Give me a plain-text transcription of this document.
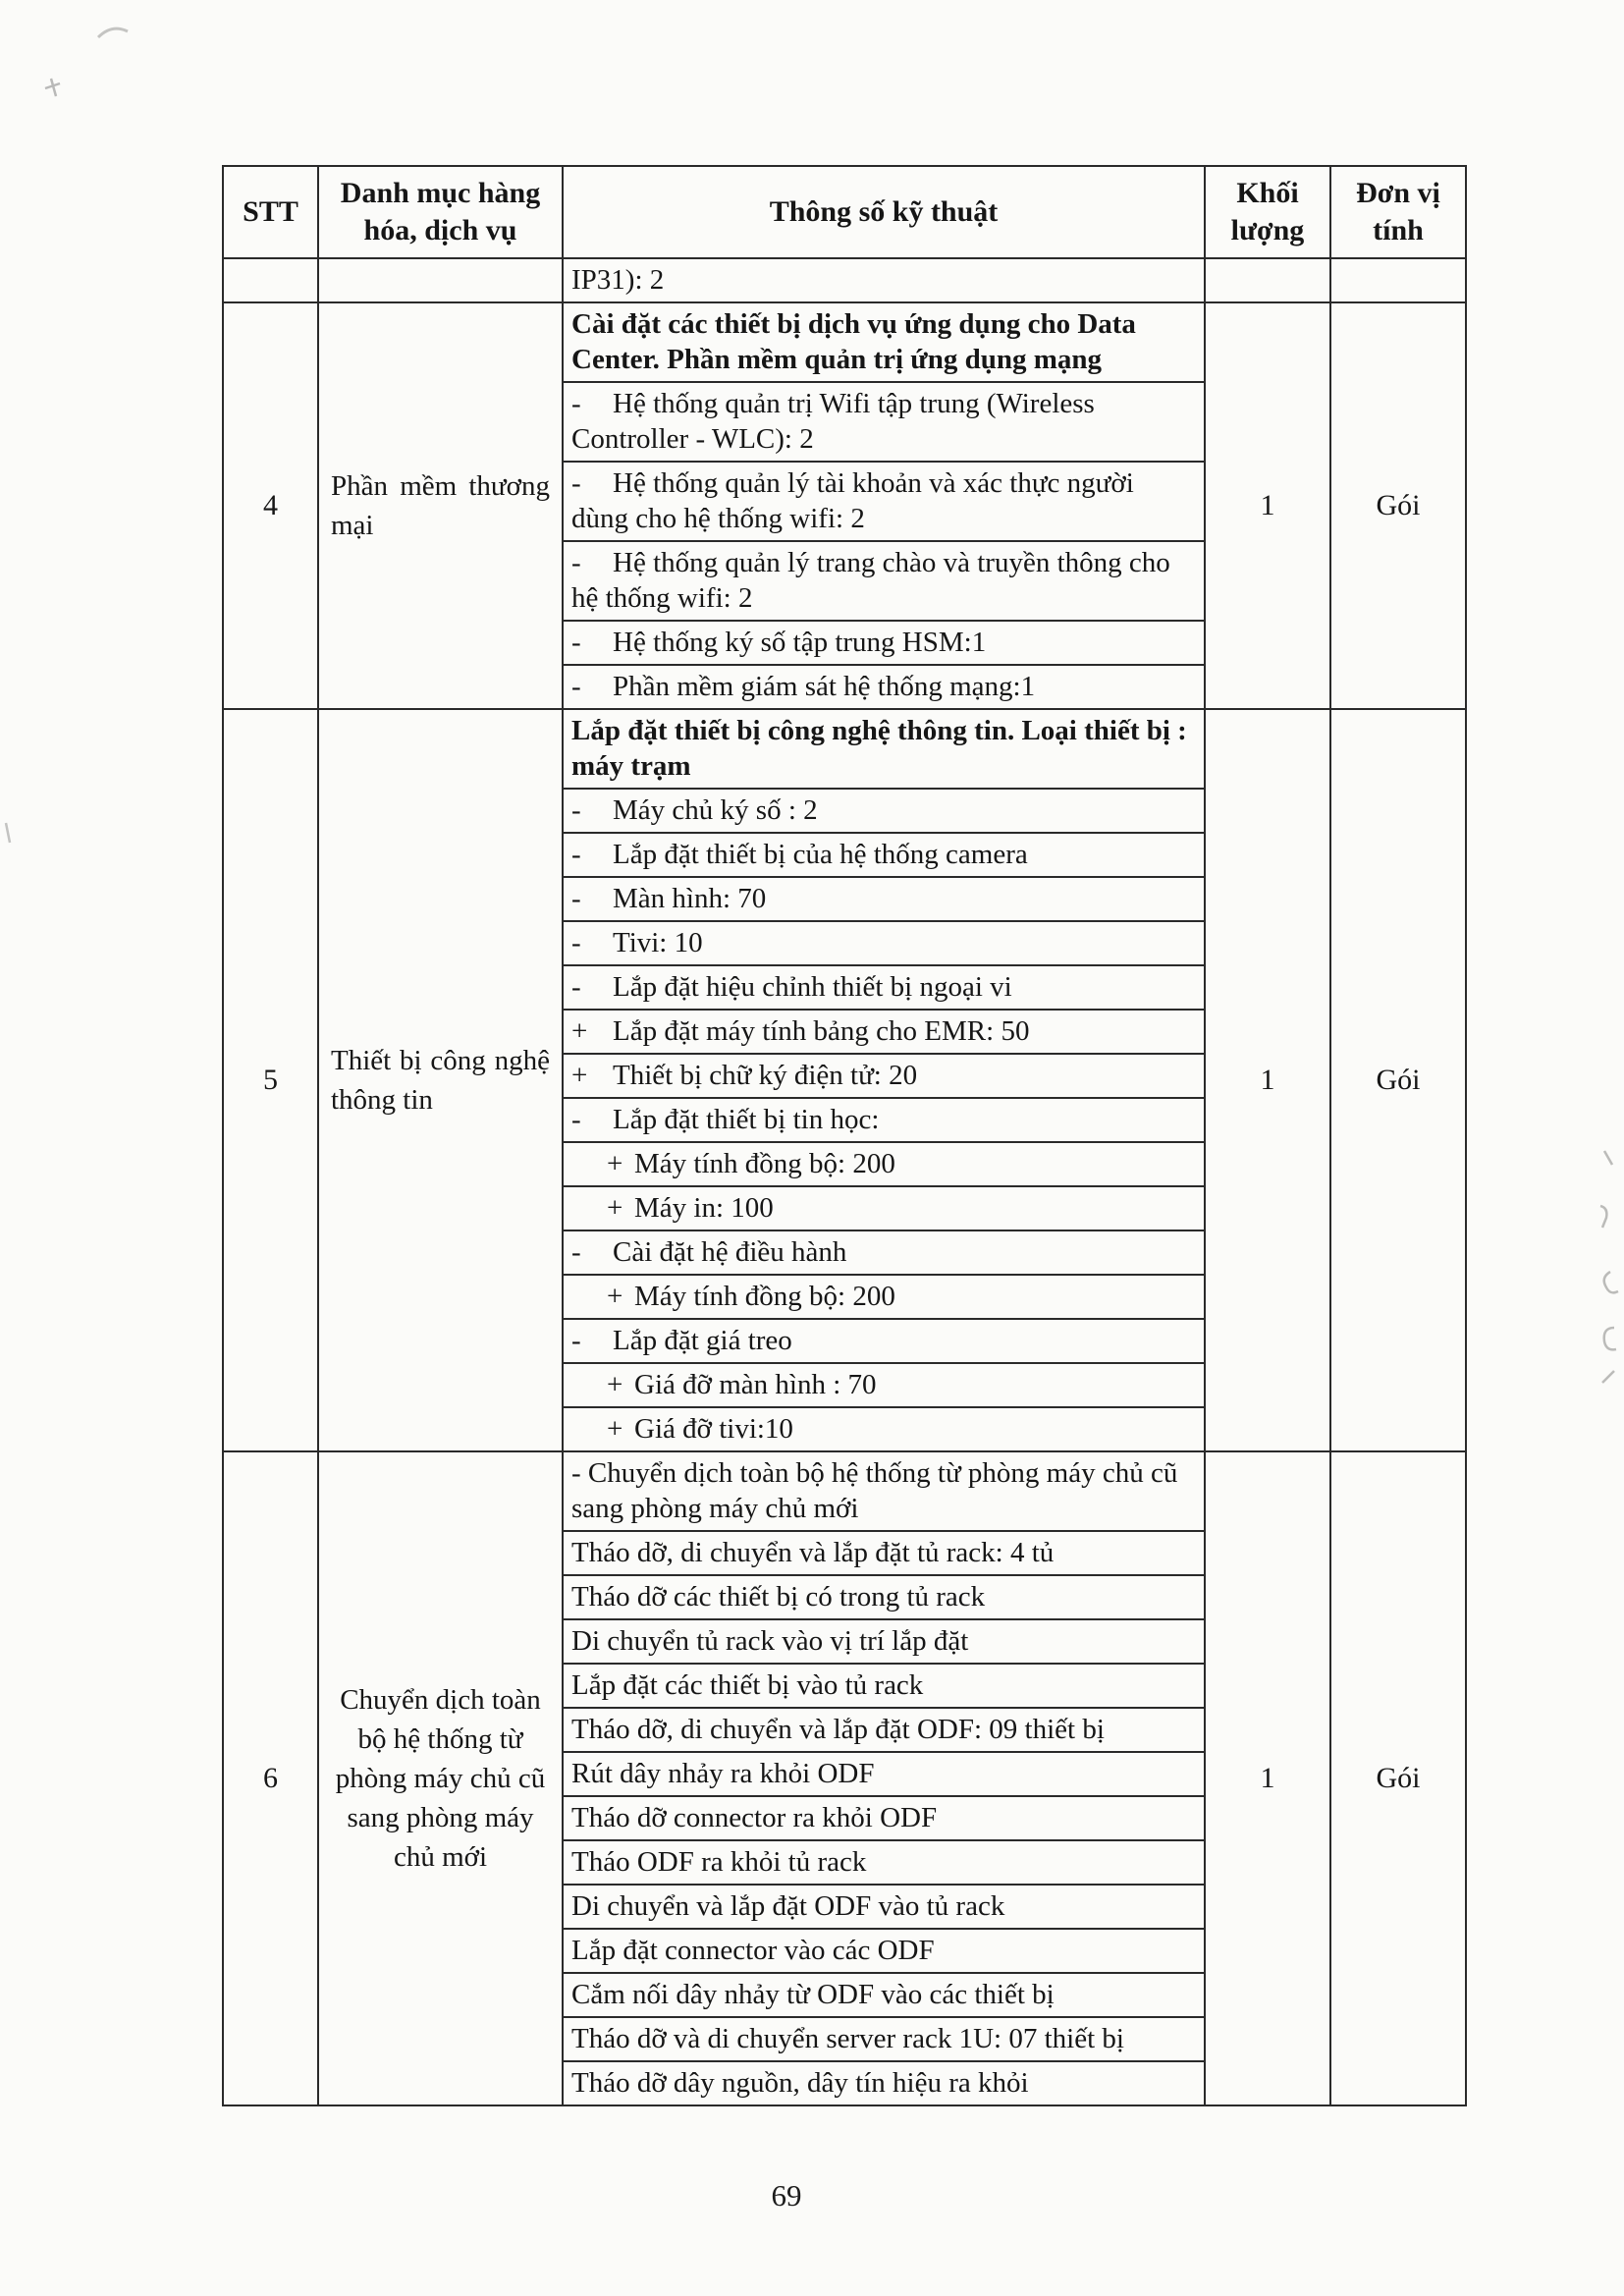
STT	Danh mục hàng hóa, dịch vụ	Thông số kỹ thuật	Khối lượng	Đơn vị tính
		IP31): 2		
4	Phần mềm thương mại	Cài đặt các thiết bị dịch vụ ứng dụng cho Data Center. Phần mềm quản trị ứng dụng mạng	1	Gói
		- Hệ thống quản trị Wifi tập trung (Wireless Controller - WLC): 2		
		- Hệ thống quản lý tài khoản và xác thực người dùng cho hệ thống wifi: 2		
		- Hệ thống quản lý trang chào và truyền thông cho hệ thống wifi: 2		
		- Hệ thống ký số tập trung HSM:1		
		- Phần mềm giám sát hệ thống mạng:1		
5	Thiết bị công nghệ thông tin	Lắp đặt thiết bị công nghệ thông tin. Loại thiết bị : máy trạm	1	Gói
		- Máy chủ ký số : 2		
		- Lắp đặt thiết bị của hệ thống camera		
		- Màn hình: 70		
		- Tivi: 10		
		- Lắp đặt hiệu chỉnh thiết bị ngoại vi		
		+ Lắp đặt máy tính bảng cho EMR: 50		
		+ Thiết bị chữ ký điện tử: 20		
		- Lắp đặt thiết bị tin học:		
		+ Máy tính đồng bộ: 200		
		+ Máy in: 100		
		- Cài đặt hệ điều hành		
		+ Máy tính đồng bộ: 200		
		- Lắp đặt giá treo		
		+ Giá đỡ màn hình : 70		
		+ Giá đỡ tivi:10		
6	Chuyển dịch toàn bộ hệ thống từ phòng máy chủ cũ sang phòng máy chủ mới	- Chuyển dịch toàn bộ hệ thống từ phòng máy chủ cũ sang phòng máy chủ mới	1	Gói
		Tháo dỡ, di chuyển và lắp đặt tủ rack: 4 tủ		
		Tháo dỡ các thiết bị có trong tủ rack		
		Di chuyển tủ rack vào vị trí lắp đặt		
		Lắp đặt các thiết bị vào tủ rack		
		Tháo dỡ, di chuyển và lắp đặt ODF: 09 thiết bị		
		Rút dây nhảy ra khỏi ODF		
		Tháo dỡ connector ra khỏi ODF		
		Tháo ODF ra khỏi tủ rack		
		Di chuyển và lắp đặt ODF vào tủ rack		
		Lắp đặt connector vào các ODF		
		Cắm nối dây nhảy từ ODF vào các thiết bị		
		Tháo dỡ và di chuyển server rack 1U: 07 thiết bị		
		Tháo dỡ dây nguồn, dây tín hiệu ra khỏi		
69
